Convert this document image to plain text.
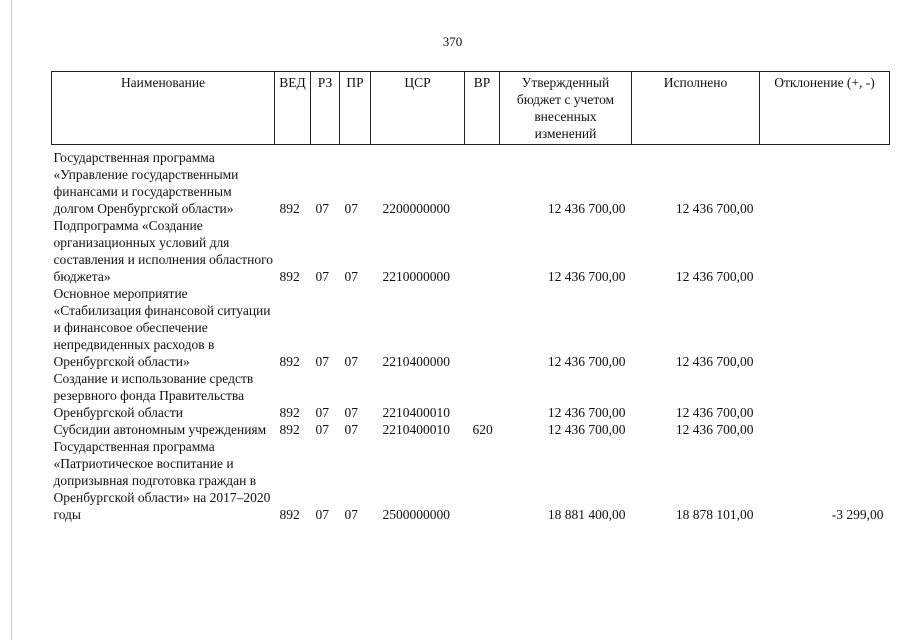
370
Наименование	ВЕД	РЗ	ПР	ЦСР	ВР	Утвержденный бюджет с учетом внесенных изменений	Исполнено	Отклонение (+, -)

Государственная программа «Управление государственными финансами и государственным долгом Оренбургской области»	892	07	07	2200000000		12 436 700,00	12 436 700,00	
Подпрограмма «Создание организационных условий для составления и исполнения областного бюджета»	892	07	07	2210000000		12 436 700,00	12 436 700,00	
Основное мероприятие «Стабилизация финансовой ситуации и финансовое обеспечение непредвиденных расходов в Оренбургской области»	892	07	07	2210400000		12 436 700,00	12 436 700,00	
Создание и использование средств резервного фонда Правительства Оренбургской области	892	07	07	2210400010		12 436 700,00	12 436 700,00	
Субсидии автономным учреждениям	892	07	07	2210400010	620	12 436 700,00	12 436 700,00	
Государственная программа «Патриотическое воспитание и допризывная подготовка граждан в Оренбургской области» на 2017–2020 годы	892	07	07	2500000000		18 881 400,00	18 878 101,00	-3 299,00
